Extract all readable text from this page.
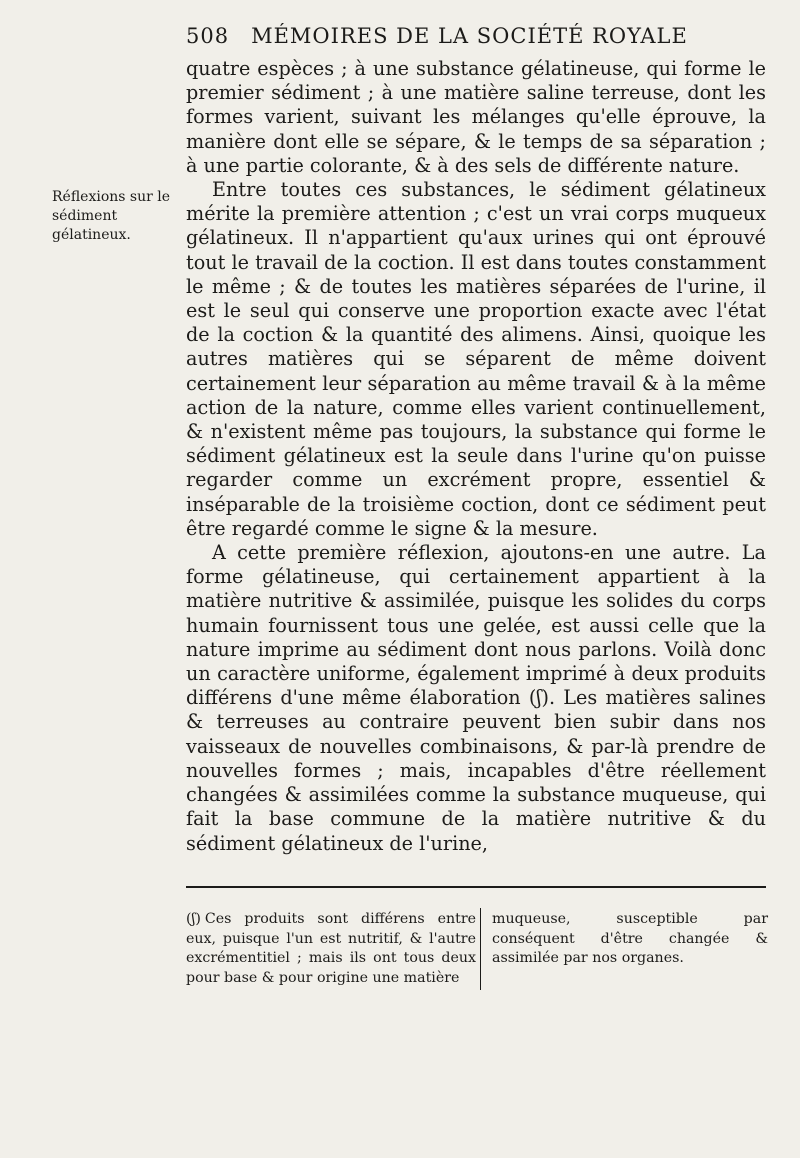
508 MÉMOIRES DE LA SOCIÉTÉ ROYALE
Réflexions sur le sédiment gélatineux.

quatre espèces ; à une substance gélatineuse, qui forme le premier sédiment ; à une matière saline terreuse, dont les formes varient, suivant les mélanges qu'elle éprouve, la manière dont elle se sépare, & le temps de sa séparation ; à une partie colorante, & à des sels de différente nature.

Entre toutes ces substances, le sédiment gélatineux mérite la première attention ; c'est un vrai corps muqueux gélatineux. Il n'appartient qu'aux urines qui ont éprouvé tout le travail de la coction. Il est dans toutes constamment le même ; & de toutes les matières séparées de l'urine, il est le seul qui conserve une proportion exacte avec l'état de la coction & la quantité des alimens. Ainsi, quoique les autres matières qui se séparent de même doivent certainement leur séparation au même travail & à la même action de la nature, comme elles varient continuellement, & n'existent même pas toujours, la substance qui forme le sédiment gélatineux est la seule dans l'urine qu'on puisse regarder comme un excrément propre, essentiel & inséparable de la troisième coction, dont ce sédiment peut être regardé comme le signe & la mesure.

A cette première réflexion, ajoutons-en une autre. La forme gélatineuse, qui certainement appartient à la matière nutritive & assimilée, puisque les solides du corps humain fournissent tous une gelée, est aussi celle que la nature imprime au sédiment dont nous parlons. Voilà donc un caractère uniforme, également imprimé à deux produits différens d'une même élaboration (ʃ). Les matières salines & terreuses au contraire peuvent bien subir dans nos vaisseaux de nouvelles combinaisons, & par-là prendre de nouvelles formes ; mais, incapables d'être réellement changées & assimilées comme la substance muqueuse, qui fait la base commune de la matière nutritive & du sédiment gélatineux de l'urine,

(ʃ) Ces produits sont différens entre eux, puisque l'un est nutritif, & l'autre excrémentitiel ; mais ils ont tous deux pour base & pour origine une matière
muqueuse, susceptible par conséquent d'être changée & assimilée par nos organes.
